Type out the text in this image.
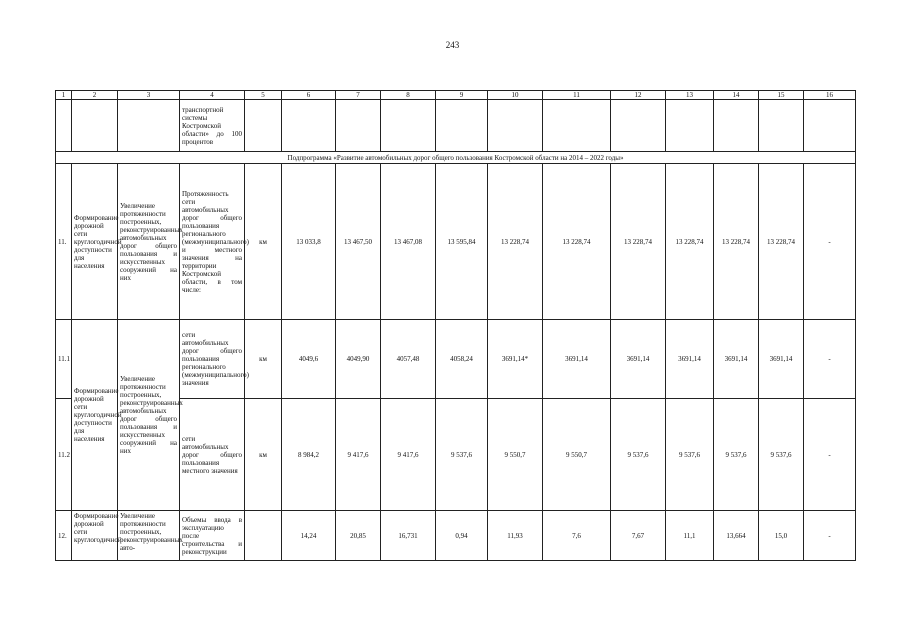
243
1	2	3	4	5	6	7	8	9	10	11	12	13	14	15	16
			транспортной системы Костромской области» до 100 процентов												
Подпрограмма «Развитие автомобильных дорог общего пользования Костромской области на 2014 – 2022 годы»															
11.	Формирование дорожной сети круглогодичной доступности для населения	Увеличение протяженности построенных, реконструированных автомобильных дорог общего пользования и искусственных сооружений на них	Протяженность сети автомобильных дорог общего пользования регионального (межмуниципального) и местного значения на территории Костромской области, в том числе:	км	13 033,8	13 467,50	13 467,08	13 595,84	13 228,74	13 228,74	13 228,74	13 228,74	13 228,74	13 228,74	-
11.1	Формирование дорожной сети круглогодичной доступности для населения	Увеличение протяженности построенных, реконструированных автомобильных дорог общего пользования и искусственных сооружений на них	сети автомобильных дорог общего пользования регионального (межмуниципального) значения	км	4049,6	4049,90	4057,48	4058,24	3691,14*	3691,14	3691,14	3691,14	3691,14	3691,14	-
11.2			сети автомобильных дорог общего пользования местного значения	км	8 984,2	9 417,6	9 417,6	9 537,6	9 550,7	9 550,7	9 537,6	9 537,6	9 537,6	9 537,6	-
12.	Формирование дорожной сети круглогодичной	Увеличение протяженности построенных, реконструированных авто-	Объемы ввода в эксплуатацию после строительства и реконструкции		14,24	20,85	16,731	0,94	11,93	7,6	7,67	11,1	13,664	15,0	-
